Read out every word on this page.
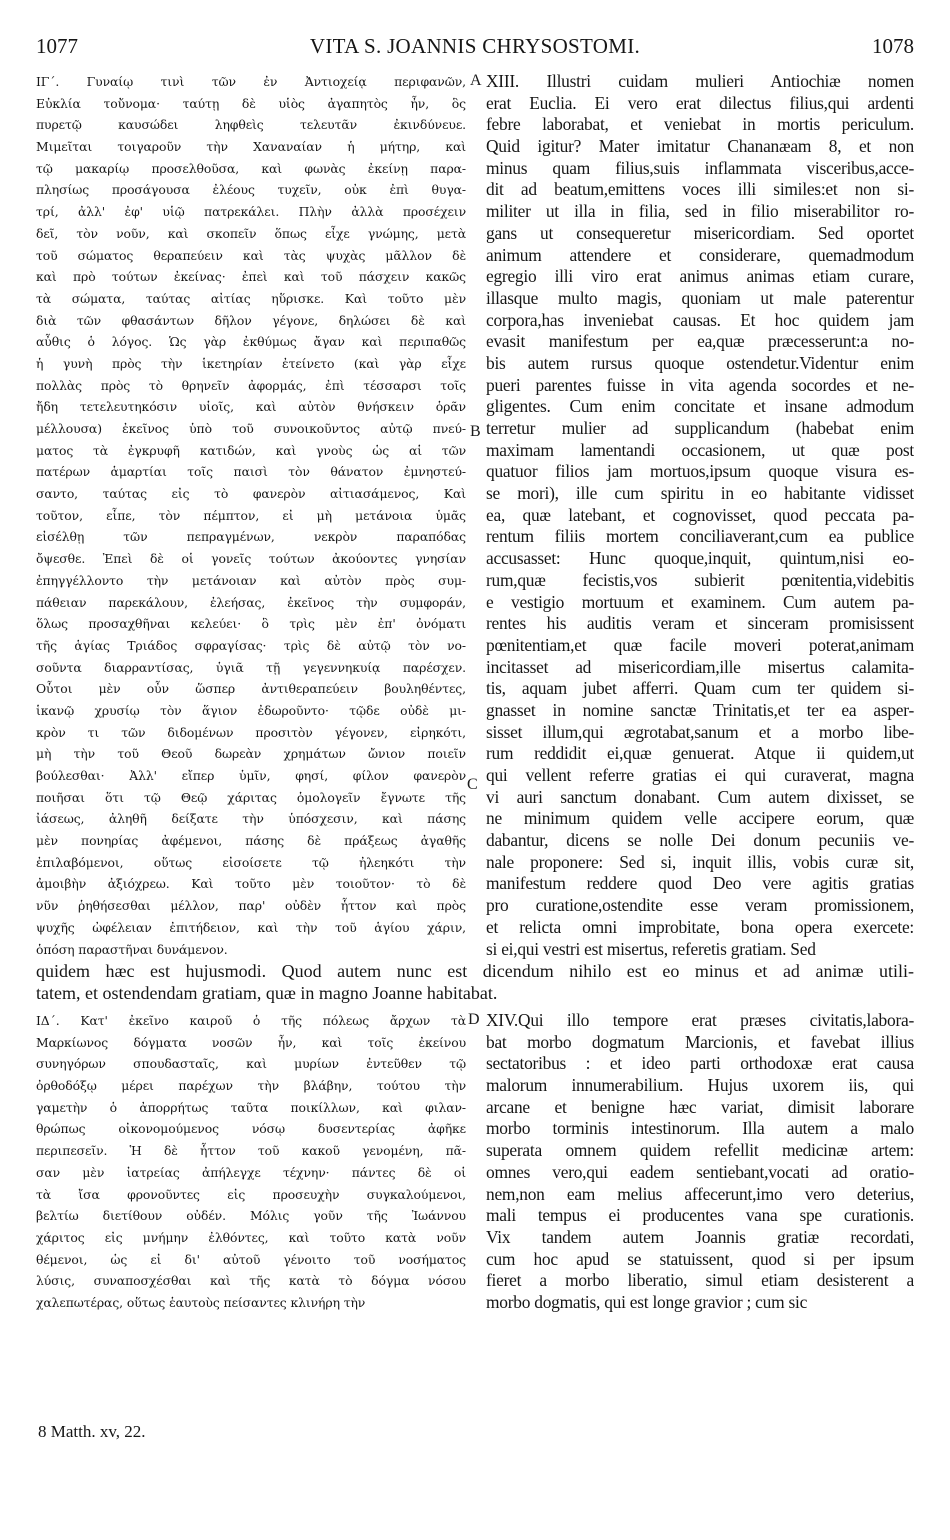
1077	VITA S. JOANNIS CHRYSOSTOMI.	1078
ΙΓ΄. Γυναίῳ τινὶ τῶν ἐν Ἀντιοχείᾳ περιφανῶν,
Εὐκλία τοὔνομα· ταύτῃ δὲ υἱὸς ἀγαπητὸς ἦν, ὃς
πυρετῷ καυσώδει ληφθεὶς τελευτᾶν ἐκινδύνευε.
Μιμεῖται τοιγαροῦν τὴν Χαναναίαν ἡ μήτηρ, καὶ
τῷ μακαρίῳ προσελθοῦσα, καὶ φωνὰς ἐκείνῃ παρα-
πλησίως προσάγουσα ἐλέους τυχεῖν, οὐκ ἐπὶ θυγα-
τρί, ἀλλ' ἐφ' υἱῷ πατρεκάλει. Πλὴν ἀλλὰ προσέχειν
δεῖ, τὸν νοῦν, καὶ σκοπεῖν ὅπως εἶχε γνώμης, μετὰ
τοῦ σώματος θεραπεύειν καὶ τὰς ψυχὰς μᾶλλον δὲ
καὶ πρὸ τούτων ἐκείνας· ἐπεὶ καὶ τοῦ πάσχειν κακῶς
τὰ σώματα, ταύτας αἰτίας ηὕρισκε. Καὶ τοῦτο μὲν
διὰ τῶν φθασάντων δῆλον γέγονε, δηλώσει δὲ καὶ
αὖθις ὁ λόγος. Ὡς γὰρ ἐκθύμως ἄγαν καὶ περιπαθῶς
ἡ γυνὴ πρὸς τὴν ἱκετηρίαν ἐτείνετο (καὶ γὰρ εἶχε
πολλὰς πρὸς τὸ θρηνεῖν ἀφορμάς, ἐπὶ τέσσαρσι τοῖς
ἤδη τετελευτηκόσιν υἱοῖς, καὶ αὐτὸν θνήσκειν ὁρᾶν
μέλλουσα) ἐκεῖνος ὑπὸ τοῦ συνοικοῦντος αὐτῷ πνεύ-
ματος τὰ ἐγκρυφῆ κατιδών, καὶ γνοὺς ὡς αἱ τῶν
πατέρων ἁμαρτίαι τοῖς παισὶ τὸν θάνατον ἐμνηστεύ-
σαντο, ταύτας εἰς τὸ φανερὸν αἰτιασάμενος, Καὶ
τοῦτον, εἶπε, τὸν πέμπτον, εἰ μὴ μετάνοια ὑμᾶς
εἰσέλθῃ τῶν πεπραγμένων, νεκρὸν παραπόδας
ὄψεσθε. Ἐπεὶ δὲ οἱ γονεῖς τούτων ἀκούοντες γνησίαν
ἐπηγγέλλοντο τὴν μετάνοιαν καὶ αὐτὸν πρὸς συμ-
πάθειαν παρεκάλουν, ἐλεήσας, ἐκεῖνος τὴν συμφοράν,
ὅλως προσαχθῆναι κελεύει· ὃ τρὶς μὲν ἐπ' ὀνόματι
τῆς ἁγίας Τριάδος σφραγίσας· τρὶς δὲ αὐτῷ τὸν νο-
σοῦντα διαρραντίσας, ὑγιᾶ τῇ γεγεννηκυίᾳ παρέσχεν.
Οὗτοι μὲν οὖν ὥσπερ ἀντιθεραπεύειν βουληθέντες,
ἱκανῷ χρυσίῳ τὸν ἅγιον ἐδωροῦντο· τῷδε οὐδὲ μι-
κρὸν τι τῶν διδομένων προσιτὸν γέγονεν, εἰρηκότι,
μὴ τὴν τοῦ Θεοῦ δωρεὰν χρημάτων ὤνιον ποιεῖν
βούλεσθαι· Ἀλλ' εἴπερ ὑμῖν, φησί, φίλον φανερὸν
ποιῆσαι ὅτι τῷ Θεῷ χάριτας ὁμολογεῖν ἔγνωτε τῆς
ἰάσεως, ἀληθῆ δείξατε τὴν ὑπόσχεσιν, καὶ πάσης
μὲν πονηρίας ἀφέμενοι, πάσης δὲ πράξεως ἀγαθῆς
ἐπιλαβόμενοι, οὕτως εἰσοίσετε τῷ ἠλεηκότι τὴν
ἀμοιβὴν ἀξιόχρεω. Καὶ τοῦτο μὲν τοιοῦτον· τὸ δὲ
νῦν ῥηθήσεσθαι μέλλον, παρ' οὐδὲν ἧττον καὶ πρὸς
ψυχῆς ὠφέλειαν ἐπιτήδειον, καὶ τὴν τοῦ ἁγίου χάριν,
ὁπόση παραστῆναι δυνάμενον.
XIII. Illustri cuidam mulieri Antiochiæ nomen
erat Euclia. Ei vero erat dilectus filius,qui ardenti
febre laborabat, et veniebat in mortis periculum.
Quid igitur? Mater imitatur Chananæam 8, et non
minus quam filius,suis inflammata visceribus,acce-
dit ad beatum,emittens voces illi similes:et non si-
militer ut illa in filia, sed in filio miserabilitor ro-
gans ut consequeretur misericordiam. Sed oportet
animum attendere et considerare, quemadmodum
egregio illi viro erat animus animas etiam curare,
illasque multo magis, quoniam ut male paterentur
corpora,has inveniebat causas. Et hoc quidem jam
evasit manifestum per ea,quæ præcesserunt:a no-
bis autem rursus quoque ostendetur.Videntur enim
pueri parentes fuisse in vita agenda socordes et ne-
gligentes. Cum enim concitate et insane admodum
terretur mulier ad supplicandum (habebat enim
maximam lamentandi occasionem, ut quæ post
quatuor filios jam mortuos,ipsum quoque visura es-
se mori), ille cum spiritu in eo habitante vidisset
ea, quæ latebant, et cognovisset, quod peccata pa-
rentum filiis mortem conciliaverant,cum ea publice
accusasset: Hunc quoque,inquit, quintum,nisi eo-
rum,quæ fecistis,vos subierit pœnitentia,videbitis
e vestigio mortuum et examinem. Cum autem pa-
rentes his auditis veram et sinceram promisissent
pœnitentiam,et quæ facile moveri poterat,animam
incitasset ad misericordiam,ille misertus calamita-
tis, aquam jubet afferri. Quam cum ter quidem si-
gnasset in nomine sanctæ Trinitatis,et ter ea asper-
sisset illum,qui ægrotabat,sanum et a morbo libe-
rum reddidit ei,quæ genuerat. Atque ii quidem,ut
qui vellent referre gratias ei qui curaverat, magna
vi auri sanctum donabant. Cum autem dixisset, se
ne minimum quidem velle accipere eorum, quæ
dabantur, dicens se nolle Dei donum pecuniis ve-
nale proponere: Sed si, inquit illis, vobis curæ sit,
manifestum reddere quod Deo vere agitis gratias
pro curatione,ostendite esse veram promissionem,
et relicta omni improbitate, bona opera exercete:
si ei,qui vestri est misertus, referetis gratiam. Sed
quidem hæc est hujusmodi. Quod autem nunc est dicendum nihilo est eo minus et ad animæ utili-
tatem, et ostendendam gratiam, quæ in magno Joanne habitabat.
ΙΔ΄. Κατ' ἐκεῖνο καιροῦ ὁ τῆς πόλεως ἄρχων τὰ
Μαρκίωνος δόγματα νοσῶν ἦν, καὶ τοῖς ἐκείνου
συνηγόρων σπουδασταῖς, καὶ μυρίων ἐντεῦθεν τῷ
ὀρθοδόξῳ μέρει παρέχων τὴν βλάβην, τούτου τὴν
γαμετὴν ὁ ἀπορρήτως ταῦτα ποικίλλων, καὶ φιλαν-
θρώπως οἰκονομούμενος νόσῳ δυσεντερίας ἀφῆκε
περιπεσεῖν. Ἡ δὲ ἧττον τοῦ κακοῦ γενομένη, πᾶ-
σαν μὲν ἰατρείας ἀπήλεγχε τέχνην· πάντες δὲ οἱ
τὰ ἴσα φρονοῦντες εἰς προσευχὴν συγκαλούμενοι,
βελτίω διετίθουν οὐδέν. Μόλις γοῦν τῆς Ἰωάννου
χάριτος εἰς μνήμην ἐλθόντες, καὶ τοῦτο κατὰ νοῦν
θέμενοι, ὡς εἰ δι' αὐτοῦ γένοιτο τοῦ νοσήματος
λύσις, συναποσχέσθαι καὶ τῆς κατὰ τὸ δόγμα νόσου
χαλεπωτέρας, οὕτως ἑαυτοὺς πείσαντες κλινήρη τὴν
XIV.Qui illo tempore erat præses civitatis,labora-
bat morbo dogmatum Marcionis, et favebat illius
sectatoribus : et ideo parti orthodoxæ erat causa
malorum innumerabilium. Hujus uxorem iis, qui
arcane et benigne hæc variat, dimisit laborare
morbo torminis intestinorum. Illa autem a malo
superata omnem quidem refellit medicinæ artem:
omnes vero,qui eadem sentiebant,vocati ad oratio-
nem,non eam melius affecerunt,imo vero deterius,
mali tempus ei producentes vana spe curationis.
Vix tandem autem Joannis gratiæ recordati,
cum hoc apud se statuissent, quod si per ipsum
fieret a morbo liberatio, simul etiam desisterent a
morbo dogmatis, qui est longe gravior ; cum sic
A
B
C
D
8 Matth. xv, 22.
